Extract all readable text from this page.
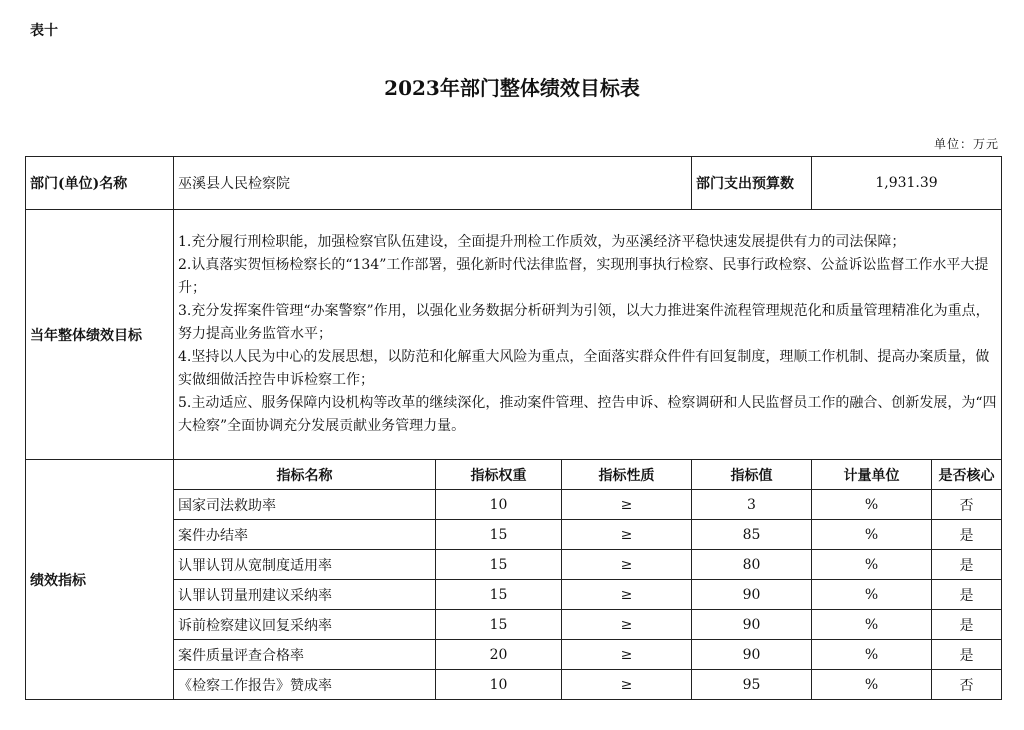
表十
2023年部门整体绩效目标表
单位：万元
部门(单位)名称	巫溪县人民检察院			部门支出预算数	1,931.39	
当年整体绩效目标	1.充分履行刑检职能，加强检察官队伍建设，全面提升刑检工作质效，为巫溪经济平稳快速发展提供有力的司法保障；
2.认真落实贺恒杨检察长的“134”工作部署，强化新时代法律监督，实现刑事执行检察、民事行政检察、公益诉讼监督工作水平大提升；
3.充分发挥案件管理“办案警察”作用，以强化业务数据分析研判为引领，以大力推进案件流程管理规范化和质量管理精准化为重点，努力提高业务监管水平；
4.坚持以人民为中心的发展思想，以防范和化解重大风险为重点，全面落实群众件件有回复制度，理顺工作机制、提高办案质量，做实做细做活控告申诉检察工作；
5.主动适应、服务保障内设机构等改革的继续深化，推动案件管理、控告申诉、检察调研和人民监督员工作的融合、创新发展，为“四大检察”全面协调充分发展贡献业务管理力量。					

绩效指标	指标名称	指标权重	指标性质	指标值	计量单位	是否核心
	国家司法救助率	10	≥	3	%	否
	案件办结率	15	≥	85	%	是
	认罪认罚从宽制度适用率	15	≥	80	%	是
	认罪认罚量刑建议采纳率	15	≥	90	%	是
	诉前检察建议回复采纳率	15	≥	90	%	是
	案件质量评查合格率	20	≥	90	%	是
	《检察工作报告》赞成率	10	≥	95	%	否
